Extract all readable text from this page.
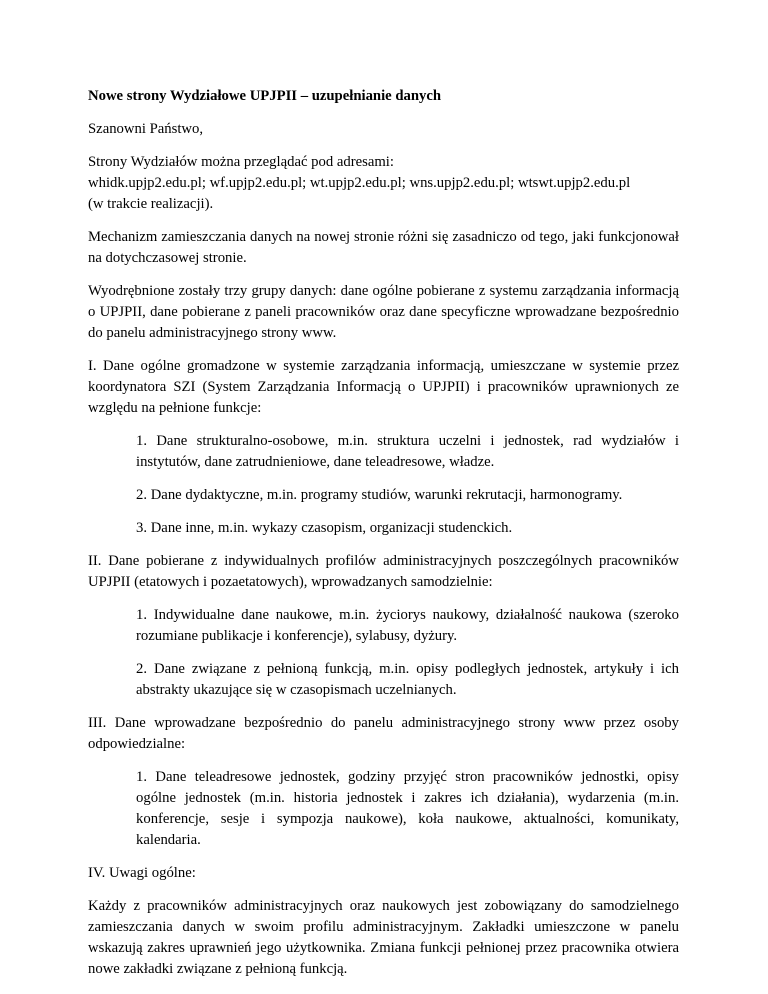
Nowe strony Wydziałowe UPJPII – uzupełnianie danych

Szanowni Państwo,

Strony Wydziałów można przeglądać pod adresami:
whidk.upjp2.edu.pl; wf.upjp2.edu.pl; wt.upjp2.edu.pl; wns.upjp2.edu.pl; wtswt.upjp2.edu.pl
(w trakcie realizacji).

Mechanizm zamieszczania danych na nowej stronie różni się zasadniczo od tego, jaki funkcjonował na dotychczasowej stronie.

Wyodrębnione zostały trzy grupy danych: dane ogólne pobierane z systemu zarządzania informacją o UPJPII, dane pobierane z paneli pracowników oraz dane specyficzne wprowadzane bezpośrednio do panelu administracyjnego strony www.

I. Dane ogólne gromadzone w systemie zarządzania informacją, umieszczane w systemie przez koordynatora SZI (System Zarządzania Informacją o UPJPII) i pracowników uprawnionych ze względu na pełnione funkcje:

1. Dane strukturalno-osobowe, m.in. struktura uczelni i jednostek, rad wydziałów i instytutów, dane zatrudnieniowe, dane teleadresowe, władze.

2. Dane dydaktyczne, m.in. programy studiów, warunki rekrutacji, harmonogramy.

3. Dane inne, m.in. wykazy czasopism, organizacji studenckich.

II. Dane pobierane z indywidualnych profilów administracyjnych poszczególnych pracowników UPJPII (etatowych i pozaetatowych), wprowadzanych samodzielnie:

1. Indywidualne dane naukowe, m.in. życiorys naukowy, działalność naukowa (szeroko rozumiane publikacje i konferencje), sylabusy, dyżury.

2. Dane związane z pełnioną funkcją, m.in. opisy podległych jednostek, artykuły i ich abstrakty ukazujące się w czasopismach uczelnianych.

III. Dane wprowadzane bezpośrednio do panelu administracyjnego strony www przez osoby odpowiedzialne:

1. Dane teleadresowe jednostek, godziny przyjęć stron pracowników jednostki, opisy ogólne jednostek (m.in. historia jednostek i zakres ich działania), wydarzenia (m.in. konferencje, sesje i sympozja naukowe), koła naukowe, aktualności, komunikaty, kalendaria.

IV. Uwagi ogólne:

Każdy z pracowników administracyjnych oraz naukowych jest zobowiązany do samodzielnego zamieszczania danych w swoim profilu administracyjnym. Zakładki umieszczone w panelu wskazują zakres uprawnień jego użytkownika. Zmiana funkcji pełnionej przez pracownika otwiera nowe zakładki związane z pełnioną funkcją.
